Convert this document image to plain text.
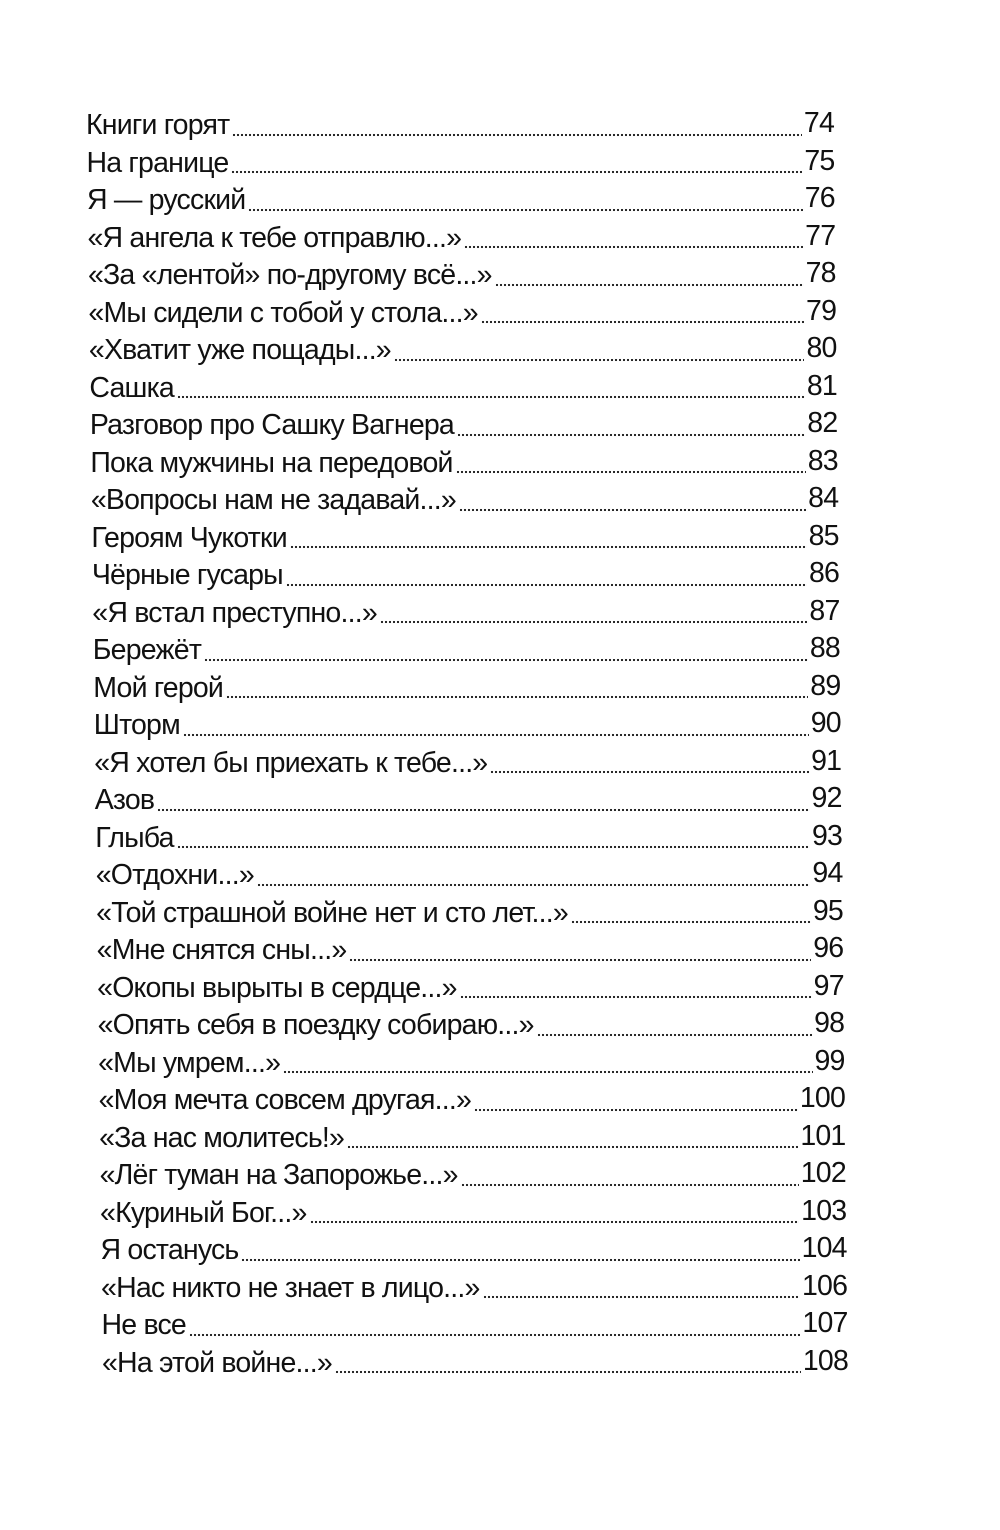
Книги горят	74
На границе	75
Я — русский	76
«Я ангела к тебе отправлю...»	77
«За «лентой» по-другому всё...»	78
«Мы сидели с тобой у стола...»	79
«Хватит уже пощады...»	80
Сашка	81
Разговор про Сашку Вагнера	82
Пока мужчины на передовой	83
«Вопросы нам не задавай...»	84
Героям Чукотки	85
Чёрные гусары	86
«Я встал преступно...»	87
Бережёт	88
Мой герой	89
Шторм	90
«Я хотел бы приехать к тебе...»	91
Азов	92
Глыба	93
«Отдохни...»	94
«Той страшной войне нет и сто лет...»	95
«Мне снятся сны...»	96
«Окопы вырыты в сердце...»	97
«Опять себя в поездку собираю...»	98
«Мы умрем...»	99
«Моя мечта совсем другая...»	100
«За нас молитесь!»	101
«Лёг туман на Запорожье...»	102
«Куриный Бог...»	103
Я останусь	104
«Нас никто не знает в лицо...»	106
Не все	107
«На этой войне...»	108
